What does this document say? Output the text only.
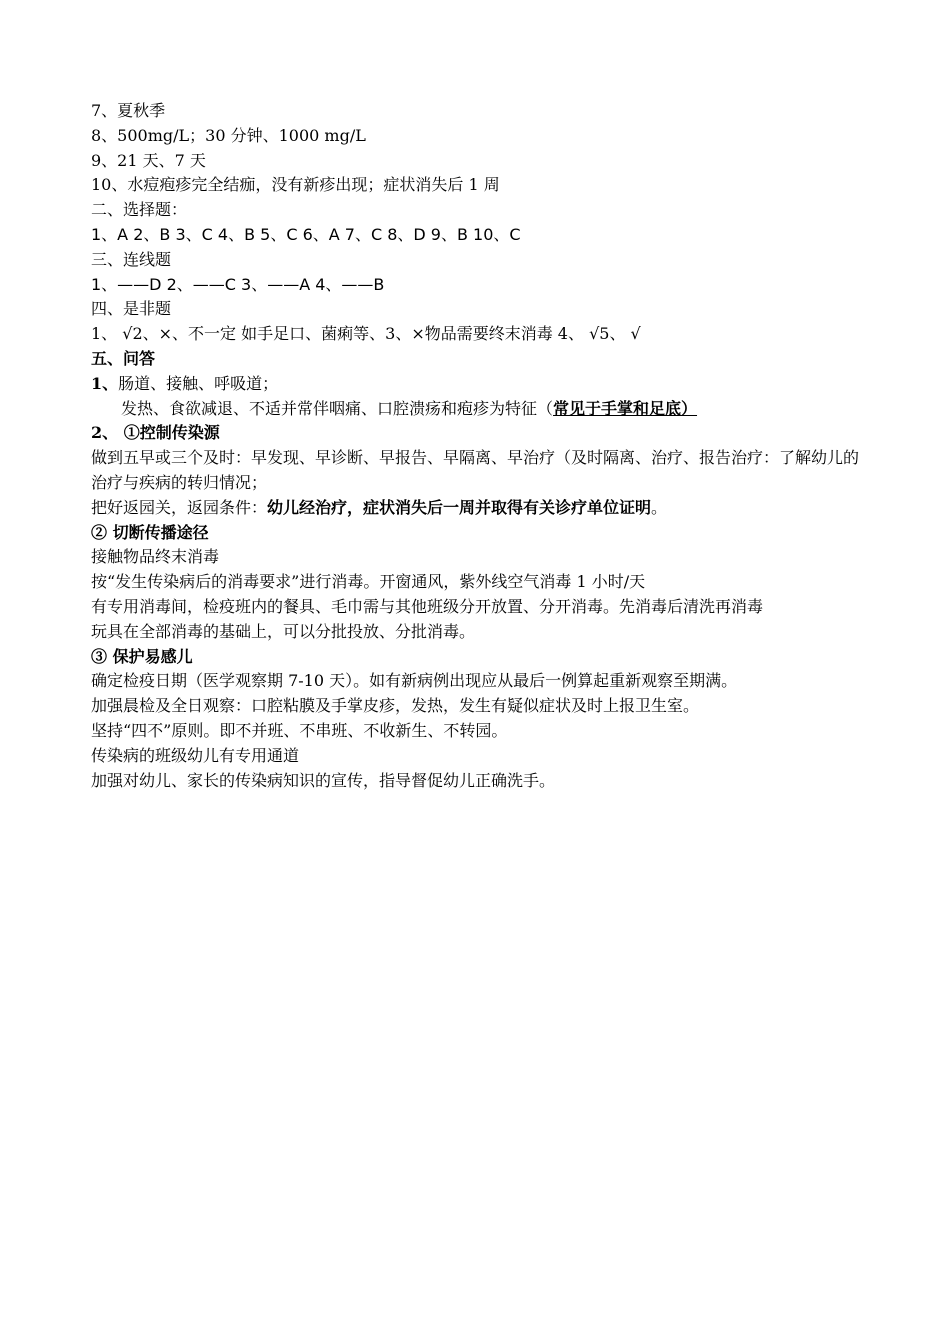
7、夏秋季
8、500mg/L；30 分钟、1000 mg/L
9、21 天、7 天
10、水痘疱疹完全结痂，没有新疹出现；症状消失后 1 周
二、选择题：
1、A 2、B 3、C 4、B 5、C 6、A 7、C 8、D 9、B 10、C
三、连线题
1、——D 2、——C 3、——A 4、——B
四、是非题
1、 √2、×、不一定 如手足口、菌痢等、3、×物品需要终末消毒 4、 √5、 √
五、问答
1、肠道、接触、呼吸道；
发热、食欲减退、不适并常伴咽痛、口腔溃疡和疱疹为特征（常见于手掌和足底）
2、 ①控制传染源
做到五早或三个及时：早发现、早诊断、早报告、早隔离、早治疗（及时隔离、治疗、报告治疗：了解幼儿的治疗与疾病的转归情况；
把好返园关，返园条件：幼儿经治疗，症状消失后一周并取得有关诊疗单位证明。
② 切断传播途径
接触物品终末消毒
按“发生传染病后的消毒要求”进行消毒。开窗通风，紫外线空气消毒 1 小时/天
有专用消毒间，检疫班内的餐具、毛巾需与其他班级分开放置、分开消毒。先消毒后清洗再消毒
玩具在全部消毒的基础上，可以分批投放、分批消毒。
③ 保护易感儿
确定检疫日期（医学观察期 7-10 天）。如有新病例出现应从最后一例算起重新观察至期满。
加强晨检及全日观察：口腔粘膜及手掌皮疹，发热，发生有疑似症状及时上报卫生室。
坚持“四不”原则。即不并班、不串班、不收新生、不转园。
传染病的班级幼儿有专用通道
加强对幼儿、家长的传染病知识的宣传，指导督促幼儿正确洗手。
